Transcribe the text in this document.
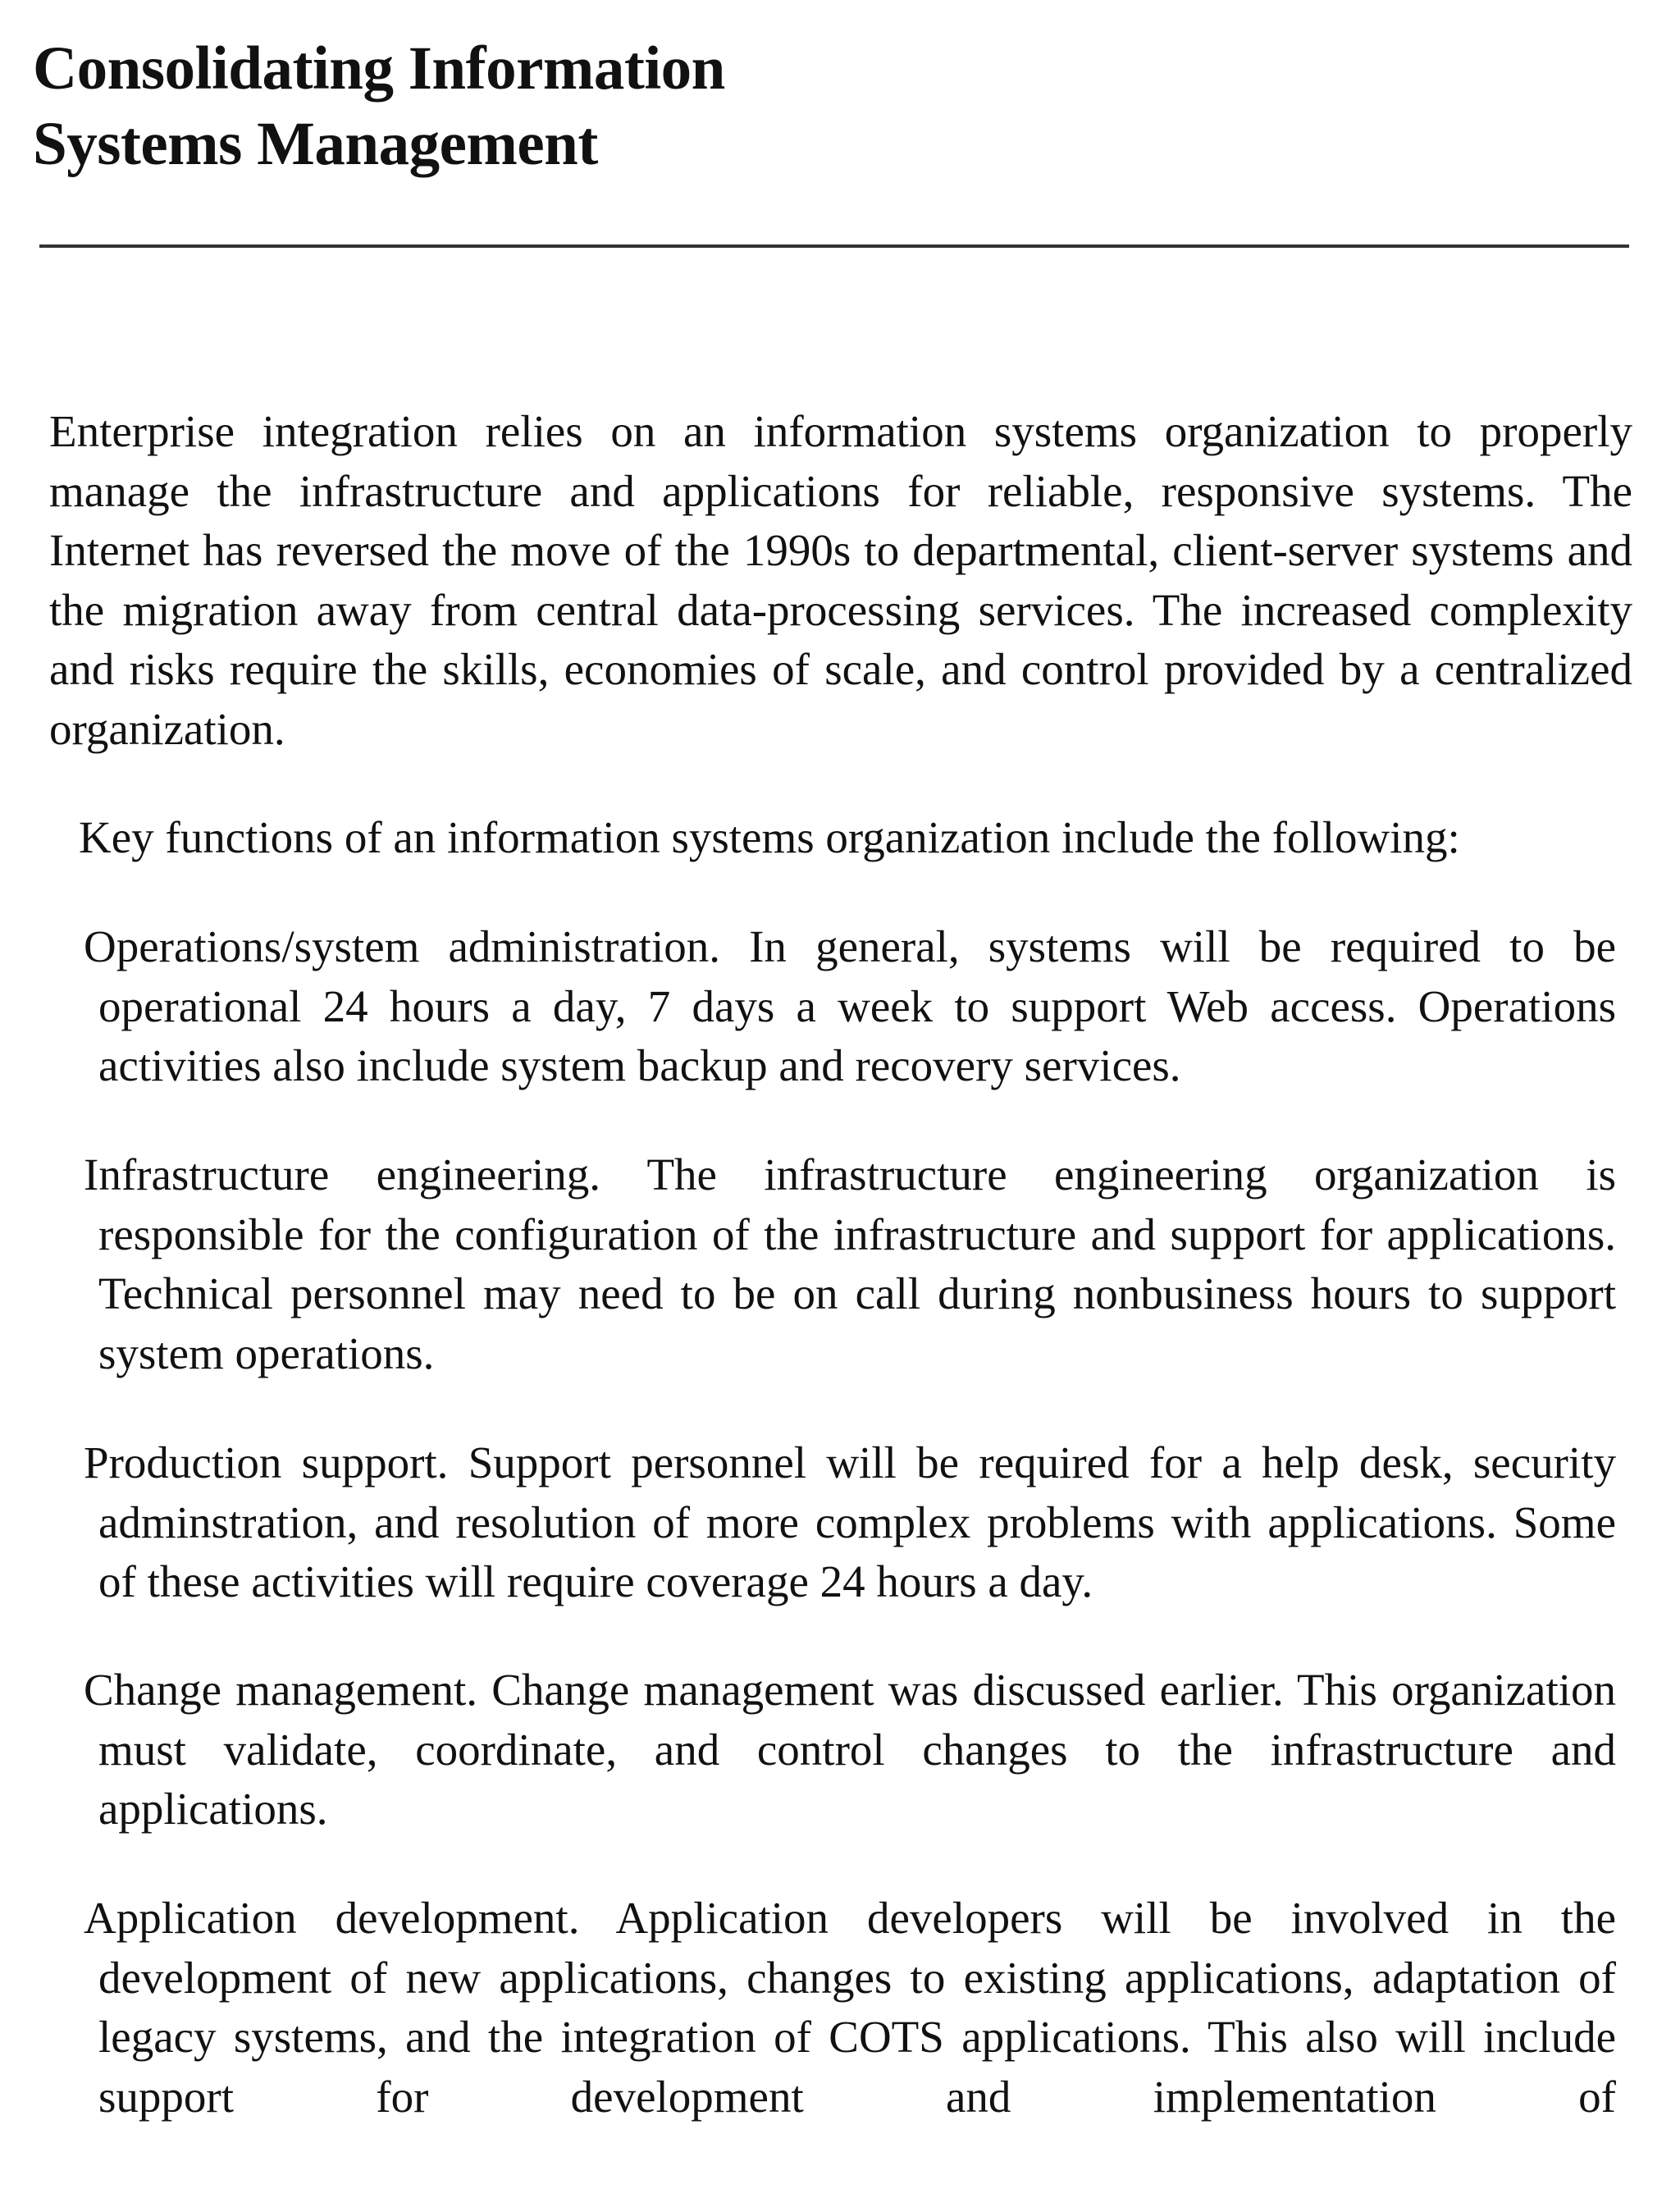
Consolidating Information
Systems Management

Enterprise integration relies on an information systems organization to properly manage the infrastructure and applications for reliable, responsive systems. The Internet has reversed the move of the 1990s to departmental, client-server systems and the migration away from central data-processing services. The increased complexity and risks require the skills, economies of scale, and control provided by a centralized organization.

Key functions of an information systems organization include the following:

Operations/system administration. In general, systems will be required to be operational 24 hours a day, 7 days a week to support Web access. Operations activities also include system backup and recovery services.

Infrastructure engineering. The infrastructure engineering organization is responsible for the configuration of the infrastructure and support for applications. Technical personnel may need to be on call during nonbusiness hours to support system operations.

Production support. Support personnel will be required for a help desk, security adminstration, and resolution of more complex problems with applications. Some of these activities will require coverage 24 hours a day.

Change management. Change management was discussed earlier. This organization must validate, coordinate, and control changes to the infrastructure and applications.

Application development. Application developers will be involved in the development of new applications, changes to existing applications, adaptation of legacy systems, and the integration of COTS applications. This also will include support for development and implementation of
